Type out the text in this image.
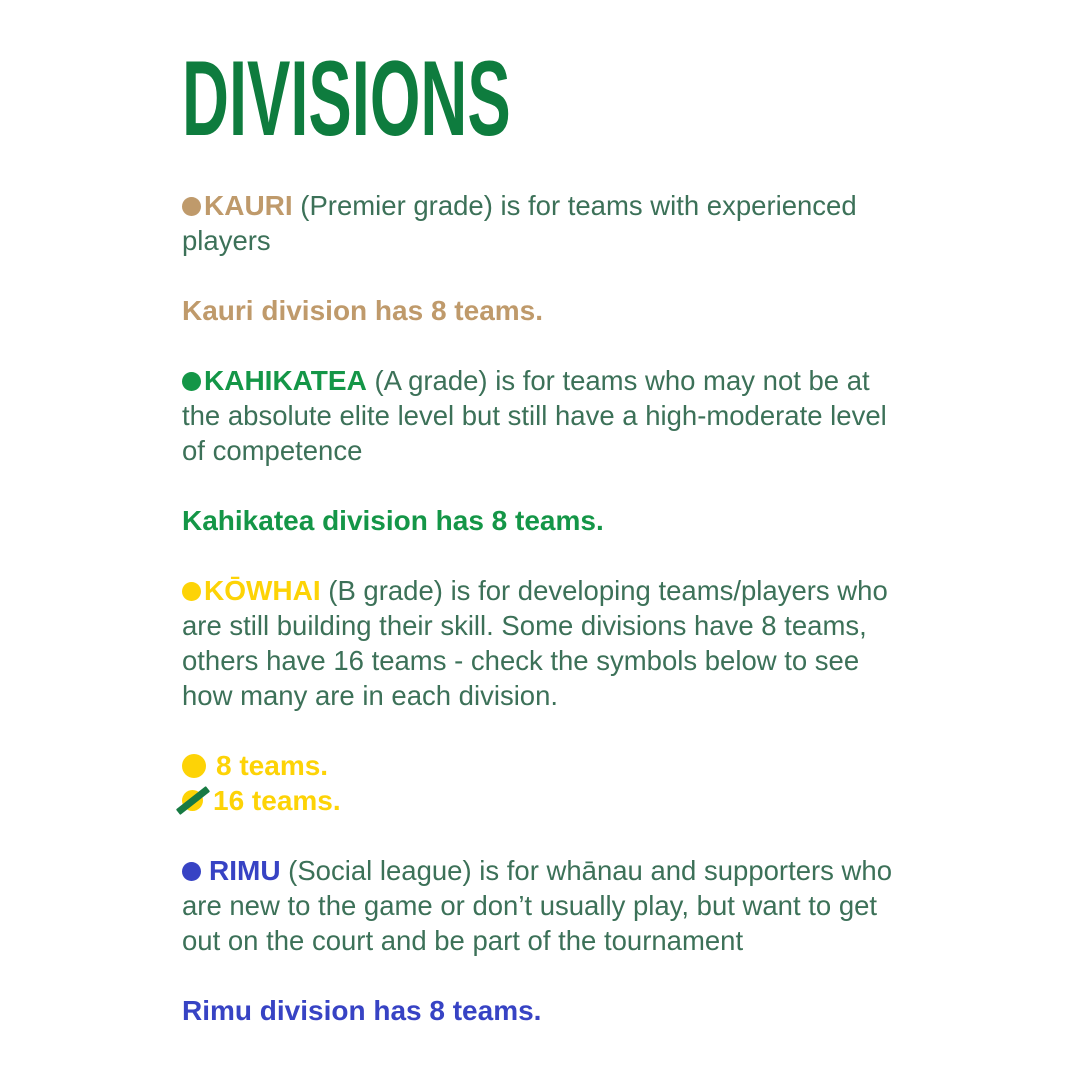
DIVISIONS

KAURI (Premier grade) is for teams with experienced players

Kauri division has 8 teams.

KAHIKATEA (A grade) is for teams who may not be at the absolute elite level but still have a high-moderate level of competence

Kahikatea division has 8 teams.

KŌWHAI (B grade) is for developing teams/players who are still building their skill. Some divisions have 8 teams, others have 16 teams - check the symbols below to see how many are in each division.

8 teams.
16 teams.

RIMU (Social league) is for whānau and supporters who are new to the game or don’t usually play, but want to get out on the court and be part of the tournament

Rimu division has 8 teams.
